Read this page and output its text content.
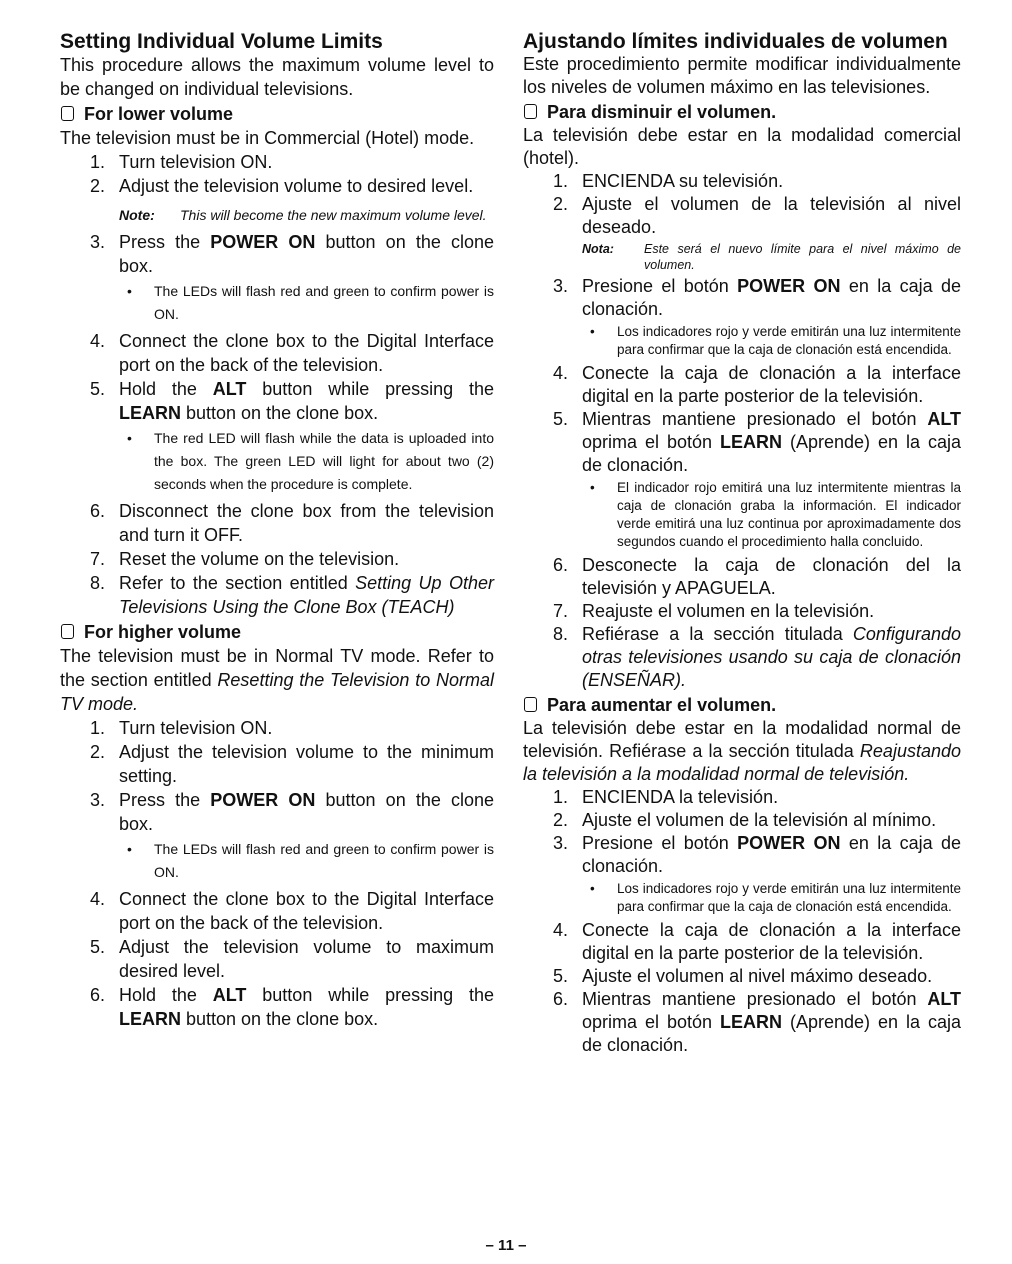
Setting Individual Volume Limits

This procedure allows the maximum volume level to be changed on individual televisions.

For lower volume

The television must be in Commercial (Hotel) mode.

1. Turn television ON.
2. Adjust the television volume to desired level.
Note:	This will become the new maximum volume level.
3. Press the POWER ON button on the clone box.
• The LEDs will flash red and green to confirm power is ON.
4. Connect the clone box to the Digital Interface port on the back of the television.
5. Hold the ALT button while pressing the LEARN button on the clone box.
• The red LED will flash while the data is uploaded into the box. The green LED will light for about two (2) seconds when the procedure is complete.
6. Disconnect the clone box from the television and turn it OFF.
7. Reset the volume on the television.
8. Refer to the section entitled Setting Up Other Televisions Using the Clone Box (TEACH)
For higher volume

The television must be in Normal TV mode. Refer to the section entitled Resetting the Television to Normal TV mode.

1. Turn television ON.
2. Adjust the television volume to the minimum setting.
3. Press the POWER ON button on the clone box.
• The LEDs will flash red and green to confirm power is ON.
4. Connect the clone box to the Digital Interface port on the back of the television.
5. Adjust the television volume to maximum desired level.
6. Hold the ALT button while pressing the LEARN button on the clone box.
Ajustando límites individuales de volumen

Este procedimiento permite modificar individualmente los niveles de volumen máximo en las televisiones.

Para disminuir el volumen.

La televisión debe estar en la modalidad comercial (hotel).

1. ENCIENDA su televisión.
2. Ajuste el volumen de la televisión al nivel deseado.
Nota:	Este será el nuevo límite para el nivel máximo de volumen.
3. Presione el botón POWER ON en la caja de clonación.
• Los indicadores rojo y verde emitirán una luz intermitente para confirmar que la caja de clonación está encendida.
4. Conecte la caja de clonación a la interface digital en la parte posterior de la televisión.
5. Mientras mantiene presionado el botón ALT oprima el botón LEARN (Aprende) en la caja de clonación.
• El indicador rojo emitirá una luz intermitente mientras la caja de clonación graba la información. El indicador verde emitirá una luz continua por aproximadamente dos segundos cuando el procedimiento halla concluido.
6. Desconecte la caja de clonación del la televisión y APAGUELA.
7. Reajuste el volumen en la televisión.
8. Refiérase a la sección titulada Configurando otras televisiones usando su caja de clonación (ENSEÑAR).
Para aumentar el volumen.

La televisión debe estar en la modalidad normal de televisión. Refiérase a la sección titulada Reajustando la televisión a la modalidad normal de televisión.

1. ENCIENDA la televisión.
2. Ajuste el volumen de la televisión al mínimo.
3. Presione el botón POWER ON en la caja de clonación.
• Los indicadores rojo y verde emitirán una luz intermitente para confirmar que la caja de clonación está encendida.
4. Conecte la caja de clonación a la interface digital en la parte posterior de la televisión.
5. Ajuste el volumen al nivel máximo deseado.
6. Mientras mantiene presionado el botón ALT oprima el botón LEARN (Aprende) en la caja de clonación.
– 11 –
